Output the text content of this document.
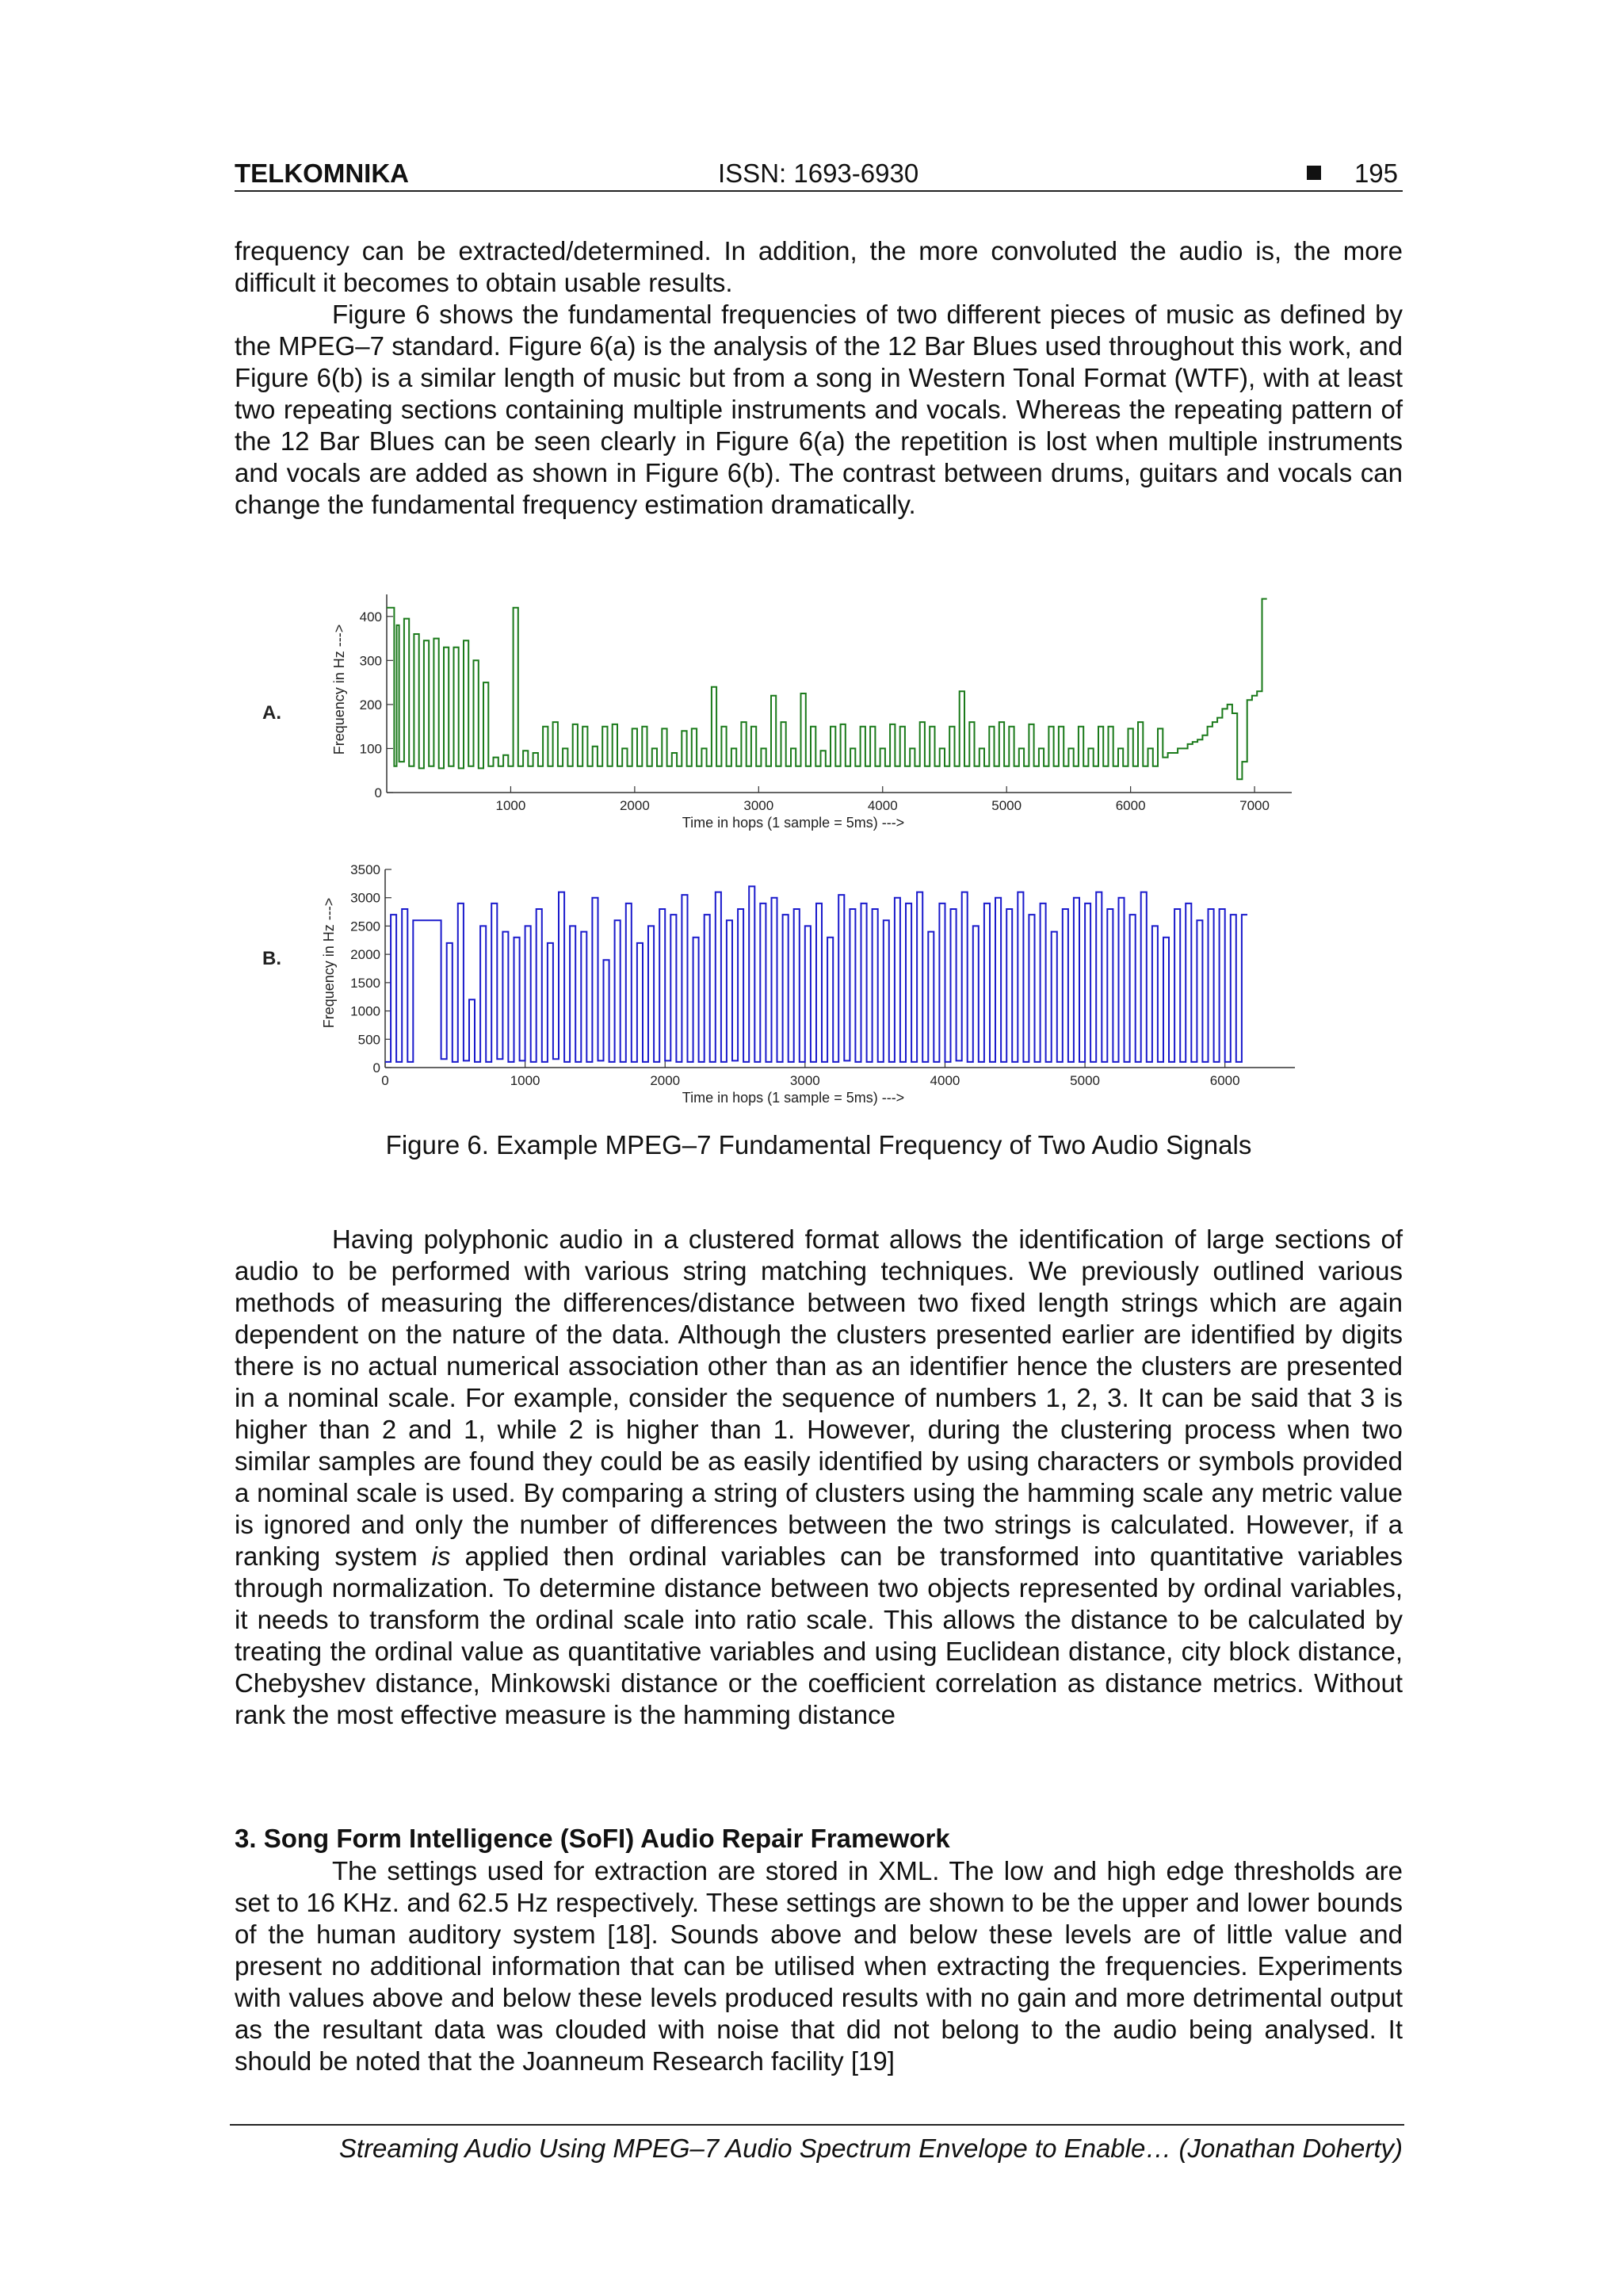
TELKOMNIKA	ISSN: 1693-6930	195

frequency can be extracted/determined. In addition, the more convoluted the audio is, the more difficult it becomes to obtain usable results.

Figure 6 shows the fundamental frequencies of two different pieces of music as defined by the MPEG–7 standard. Figure 6(a) is the analysis of the 12 Bar Blues used throughout this work, and Figure 6(b) is a similar length of music but from a song in Western Tonal Format (WTF), with at least two repeating sections containing multiple instruments and vocals. Whereas the repeating pattern of the 12 Bar Blues can be seen clearly in Figure 6(a) the repetition is lost when multiple instruments and vocals are added as shown in Figure 6(b). The contrast between drums, guitars and vocals can change the fundamental frequency estimation dramatically.

A.	Frequency in Hz --->
1000	2000	3000	4000	5000	6000	7000
0
100
200
300
400
Time in hops (1 sample = 5ms) --->
B.	Frequency in Hz --->
0	1000	2000	3000	4000	5000	6000
0
500
1000
1500
2000
2500
3000
3500
Time in hops (1 sample = 5ms) --->
Figure 6. Example MPEG–7 Fundamental Frequency of Two Audio Signals

Having polyphonic audio in a clustered format allows the identification of large sections of audio to be performed with various string matching techniques. We previously outlined various methods of measuring the differences/distance between two fixed length strings which are again dependent on the nature of the data. Although the clusters presented earlier are identified by digits there is no actual numerical association other than as an identifier hence the clusters are presented in a nominal scale. For example, consider the sequence of numbers 1, 2, 3. It can be said that 3 is higher than 2 and 1, while 2 is higher than 1. However, during the clustering process when two similar samples are found they could be as easily identified by using characters or symbols provided a nominal scale is used. By comparing a string of clusters using the hamming scale any metric value is ignored and only the number of differences between the two strings is calculated. However, if a ranking system is applied then ordinal variables can be transformed into quantitative variables through normalization. To determine distance between two objects represented by ordinal variables, it needs to transform the ordinal scale into ratio scale. This allows the distance to be calculated by treating the ordinal value as quantitative variables and using Euclidean distance, city block distance, Chebyshev distance, Minkowski distance or the coefficient correlation as distance metrics. Without rank the most effective measure is the hamming distance

3. Song Form Intelligence (SoFI) Audio Repair Framework

The settings used for extraction are stored in XML. The low and high edge thresholds are set to 16 KHz. and 62.5 Hz respectively. These settings are shown to be the upper and lower bounds of the human auditory system [18]. Sounds above and below these levels are of little value and present no additional information that can be utilised when extracting the frequencies. Experiments with values above and below these levels produced results with no gain and more detrimental output as the resultant data was clouded with noise that did not belong to the audio being analysed. It should be noted that the Joanneum Research facility [19]

Streaming Audio Using MPEG–7 Audio Spectrum Envelope to Enable… (Jonathan Doherty)
